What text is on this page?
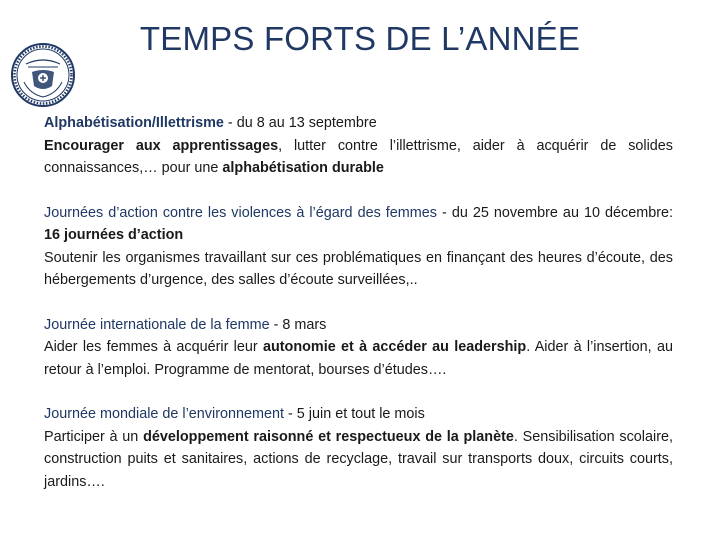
TEMPS FORTS DE L’ANNÉE

Alphabétisation/Illettrisme - du 8 au 13 septembre

Encourager aux apprentissages, lutter contre l’illettrisme, aider à acquérir de solides connaissances,… pour une alphabétisation durable

Journées d’action contre les violences à l’égard des femmes - du 25 novembre au 10 décembre: 16 journées d’action

Soutenir les organismes travaillant sur ces problématiques en finançant des heures d’écoute, des hébergements d’urgence, des salles d’écoute surveillées,..

Journée internationale de la femme - 8 mars

Aider les femmes à acquérir leur autonomie et à accéder au leadership. Aider à l’insertion, au retour à l’emploi. Programme de mentorat, bourses d’études….

Journée mondiale de l’environnement - 5 juin et tout le mois

Participer à un développement raisonné et respectueux de la planète. Sensibilisation scolaire, construction puits et sanitaires, actions de recyclage, travail sur transports doux, circuits courts, jardins….
